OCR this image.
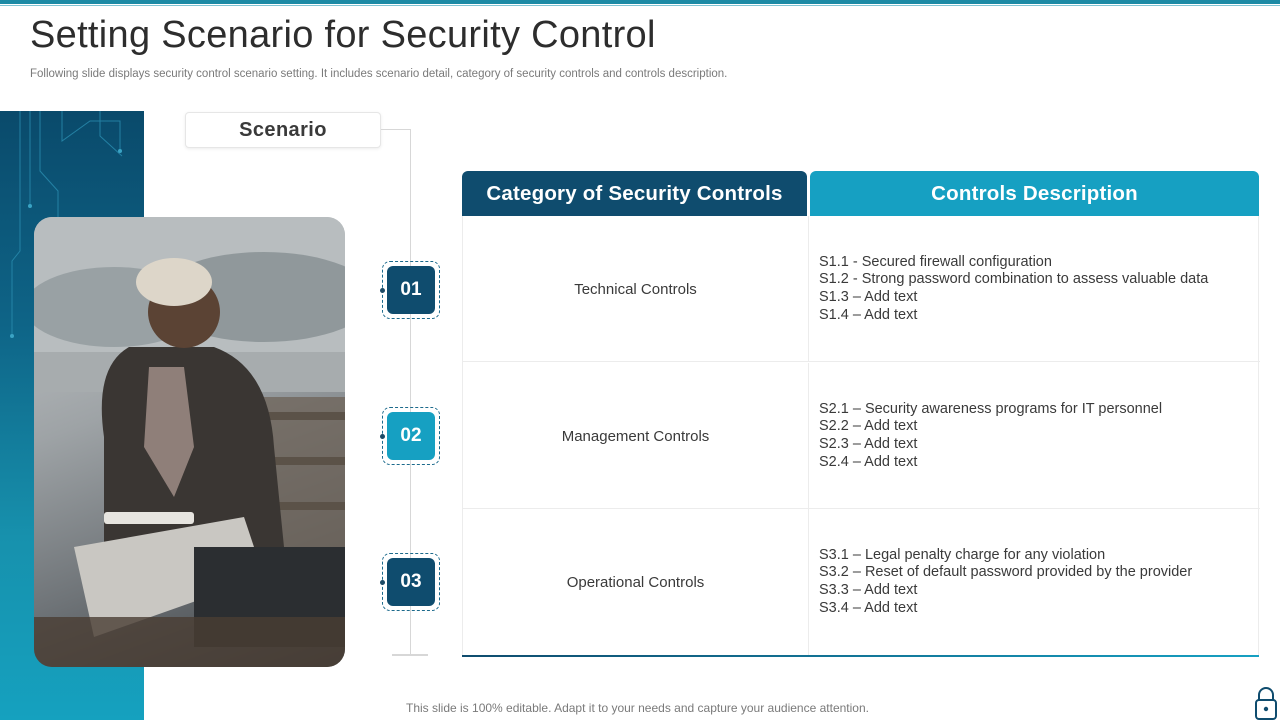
Setting Scenario for Security Control

Following slide displays security control scenario setting. It includes scenario detail, category of security controls and controls description.

Scenario
01
02
03
Category of Security Controls	Controls Description
Technical Controls
S1.1 - Secured firewall configuration
S1.2 - Strong password combination to assess valuable data
S1.3 – Add text
S1.4 – Add text
Management Controls
S2.1 – Security awareness programs for IT personnel
S2.2 – Add text
S2.3 – Add text
S2.4 – Add text
Operational Controls
S3.1 – Legal penalty charge for any violation
S3.2 – Reset of default password provided by the provider
S3.3 – Add text
S3.4 – Add text

This slide is 100% editable. Adapt it to your needs and capture your audience attention.
